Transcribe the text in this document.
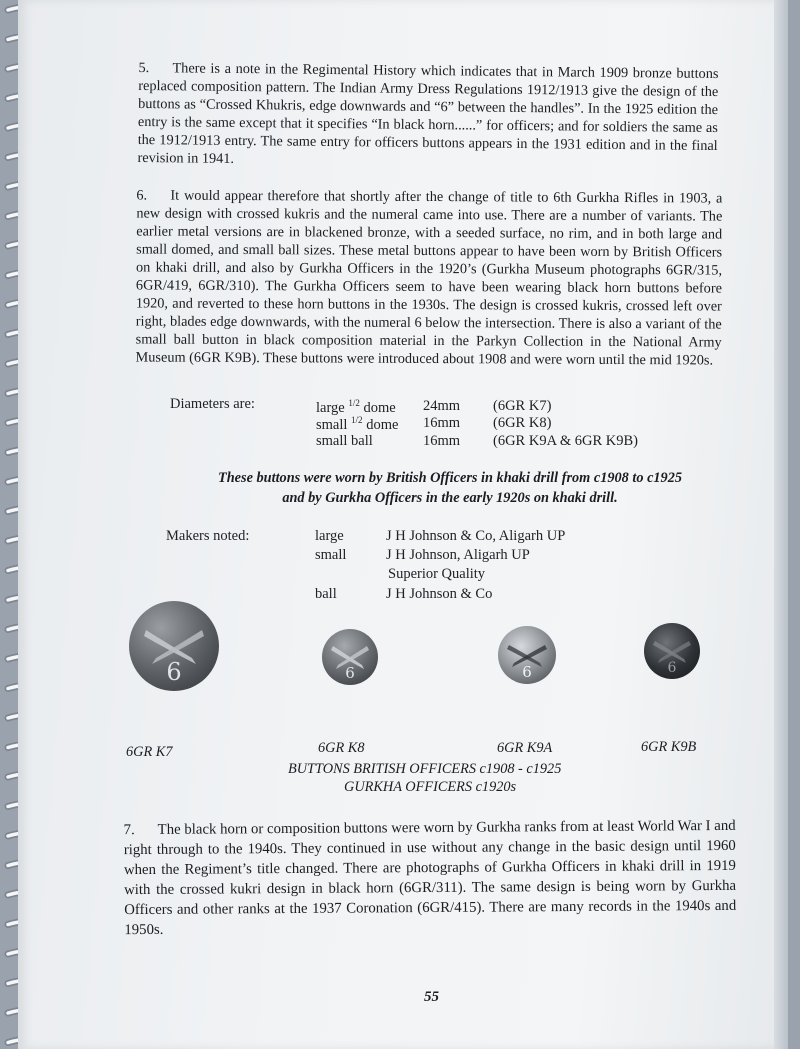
5. There is a note in the Regimental History which indicates that in March 1909 bronze buttons replaced composition pattern. The Indian Army Dress Regulations 1912/1913 give the design of the buttons as “Crossed Khukris, edge downwards and “6” between the handles”. In the 1925 edition the entry is the same except that it specifies “In black horn......” for officers; and for soldiers the same as the 1912/1913 entry. The same entry for officers buttons appears in the 1931 edition and in the final revision in 1941.

6. It would appear therefore that shortly after the change of title to 6th Gurkha Rifles in 1903, a new design with crossed kukris and the numeral came into use. There are a number of variants. The earlier metal versions are in blackened bronze, with a seeded surface, no rim, and in both large and small domed, and small ball sizes. These metal buttons appear to have been worn by British Officers on khaki drill, and also by Gurkha Officers in the 1920’s (Gurkha Museum photographs 6GR/315, 6GR/419, 6GR/310). The Gurkha Officers seem to have been wearing black horn buttons before 1920, and reverted to these horn buttons in the 1930s. The design is crossed kukris, crossed left over right, blades edge downwards, with the numeral 6 below the intersection. There is also a variant of the small ball button in black composition material in the Parkyn Collection in the National Army Museum (6GR K9B). These buttons were introduced about 1908 and were worn until the mid 1920s.

Diameters are:	large $^{1/2}$ dome 24mm (6GR K7)
small $^{1/2}$ dome 16mm (6GR K8)
small ball	16mm (6GR K9A & 6GR K9B)
These buttons were worn by British Officers in khaki drill from c1908 to c1925
and by Gurkha Officers in the early 1920s on khaki drill.
Makers noted:	large	J H Johnson & Co, Aligarh UP
small	J H Johnson, Aligarh UP
Superior Quality
ball	J H Johnson & Co
6	6	6	6
6GR K7	6GR K8	6GR K9A	6GR K9B
BUTTONS BRITISH OFFICERS c1908 - c1925
GURKHA OFFICERS c1920s

7. The black horn or composition buttons were worn by Gurkha ranks from at least World War I and right through to the 1940s. They continued in use without any change in the basic design until 1960 when the Regiment’s title changed. There are photographs of Gurkha Officers in khaki drill in 1919 with the crossed kukri design in black horn (6GR/311). The same design is being worn by Gurkha Officers and other ranks at the 1937 Coronation (6GR/415). There are many records in the 1940s and 1950s.

55
